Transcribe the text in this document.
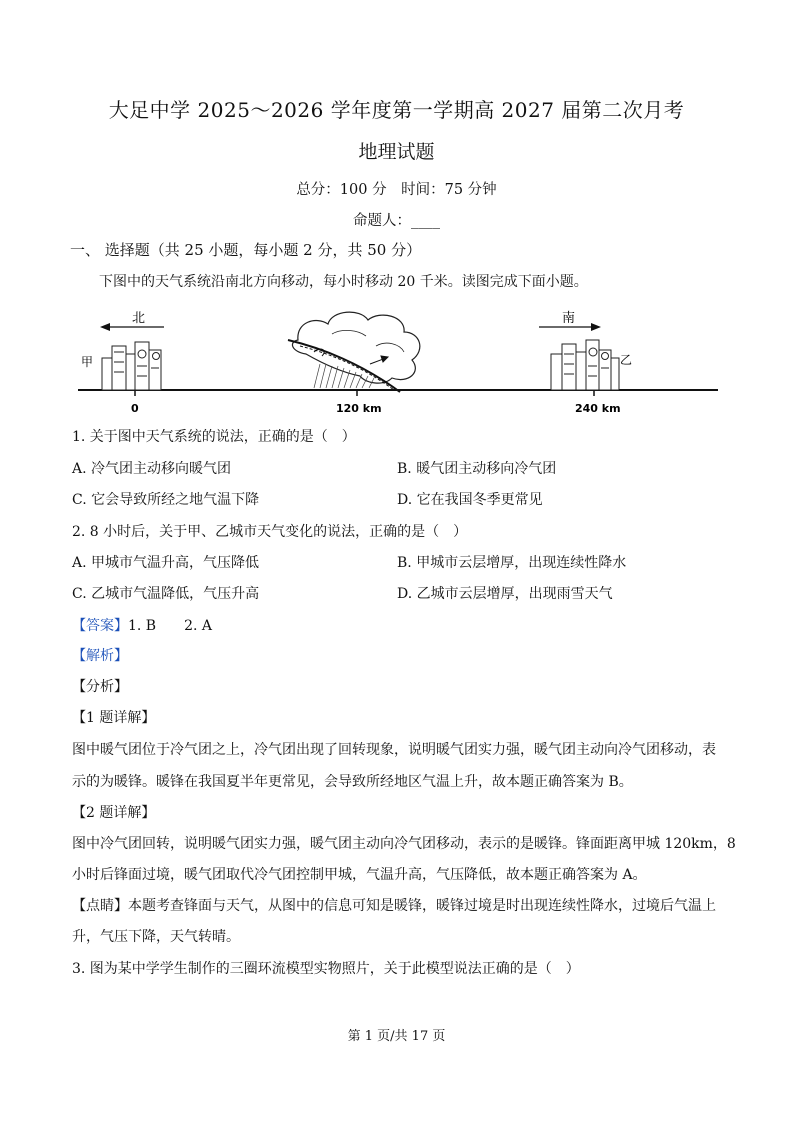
大足中学 2025～2026 学年度第一学期高 2027 届第二次月考
地理试题
总分：100 分　时间：75 分钟
命题人：____
一、 选择题（共 25 小题，每小题 2 分，共 50 分）
下图中的天气系统沿南北方向移动，每小时移动 20 千米。读图完成下面小题。
北	南
甲	乙
0	120 km	240 km
1. 关于图中天气系统的说法，正确的是（　）
A. 冷气团主动移向暖气团	B. 暖气团主动移向冷气团
C. 它会导致所经之地气温下降	D. 它在我国冬季更常见
2. 8 小时后，关于甲、乙城市天气变化的说法，正确的是（　）
A. 甲城市气温升高，气压降低	B. 甲城市云层增厚，出现连续性降水
C. 乙城市气温降低，气压升高	D. 乙城市云层增厚，出现雨雪天气
【答案】1. B　　2. A
【解析】
【分析】
【1 题详解】
图中暖气团位于冷气团之上，冷气团出现了回转现象，说明暖气团实力强，暖气团主动向冷气团移动，表
示的为暖锋。暖锋在我国夏半年更常见，会导致所经地区气温上升，故本题正确答案为 B。
【2 题详解】
图中冷气团回转，说明暖气团实力强，暖气团主动向冷气团移动，表示的是暖锋。锋面距离甲城 120km，8
小时后锋面过境，暖气团取代冷气团控制甲城，气温升高，气压降低，故本题正确答案为 A。
【点睛】本题考查锋面与天气，从图中的信息可知是暖锋，暖锋过境是时出现连续性降水，过境后气温上
升，气压下降，天气转晴。
3. 图为某中学学生制作的三圈环流模型实物照片，关于此模型说法正确的是（　）
第 1 页/共 17 页
